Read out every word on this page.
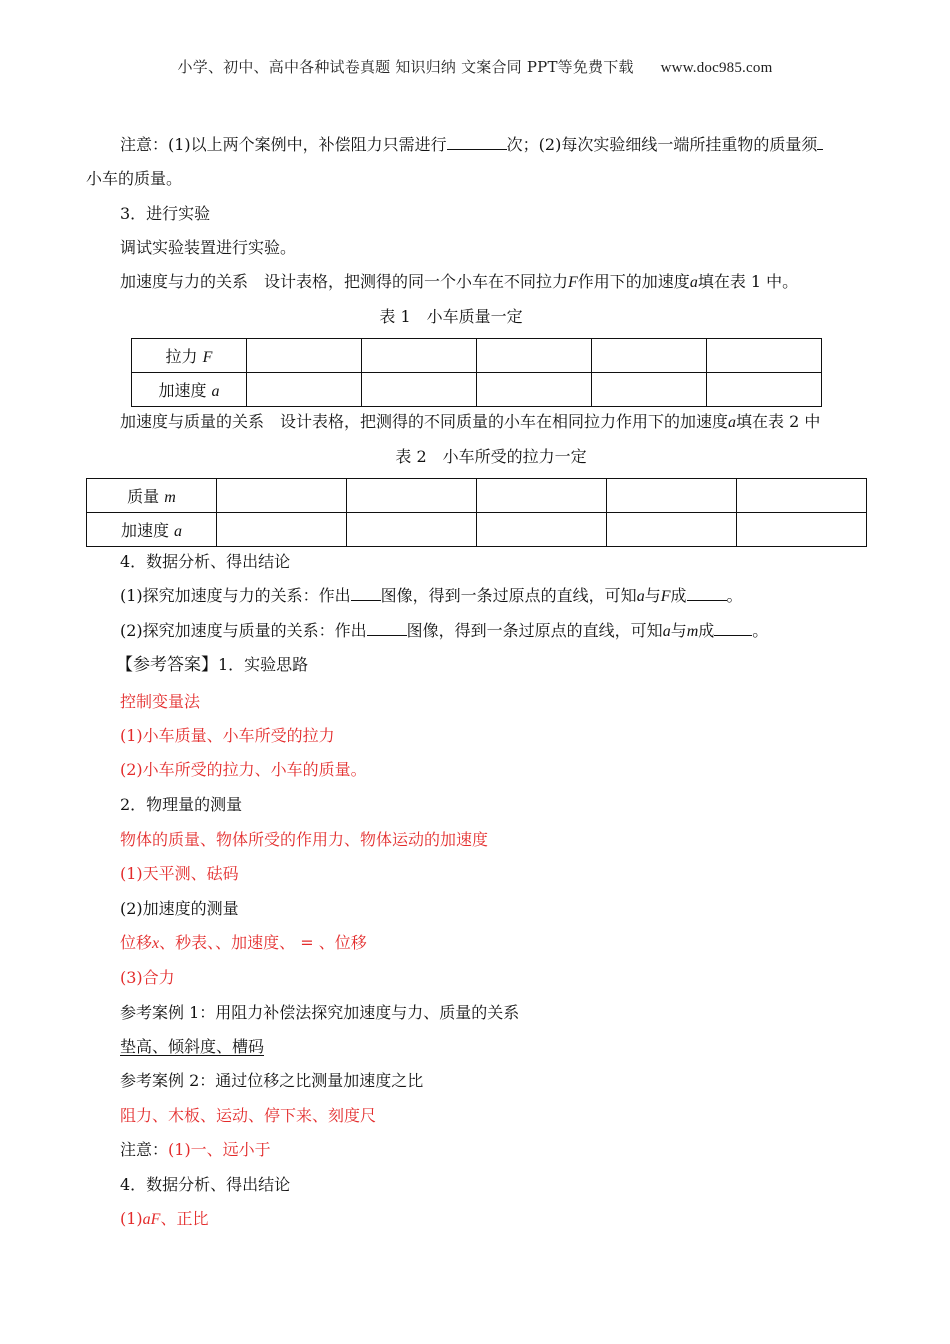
小学、初中、高中各种试卷真题 知识归纳 文案合同 PPT等免费下载 www.doc985.com
注意：(1)以上两个案例中，补偿阻力只需进行	次；(2)每次实验细线一端所挂重物的质量须
小车的质量。
3．进行实验
调试实验装置进行实验。
加速度与力的关系　设计表格，把测得的同一个小车在不同拉力F作用下的加速度a填在表 1 中。
表 1　小车质量一定
拉力 F					
加速度 a					
加速度与质量的关系　设计表格，把测得的不同质量的小车在相同拉力作用下的加速度a填在表 2 中
表 2　小车所受的拉力一定
质量 m					
加速度 a					
4．数据分析、得出结论
(1)探究加速度与力的关系：作出 图像，得到一条过原点的直线，可知a与F成	。
(2)探究加速度与质量的关系：作出	图像，得到一条过原点的直线，可知a与m成 。
【参考答案】1．实验思路
控制变量法
(1)小车质量、小车所受的拉力
(2)小车所受的拉力、小车的质量。
2．物理量的测量
物体的质量、物体所受的作用力、物体运动的加速度
(1)天平测、砝码
(2)加速度的测量
位移x、秒表、、加速度、 = 、位移
(3)合力
参考案例 1：用阻力补偿法探究加速度与力、质量的关系
垫高、倾斜度、槽码
参考案例 2：通过位移之比测量加速度之比
阻力、木板、运动、停下来、刻度尺
注意：(1)一、远小于
4．数据分析、得出结论
(1)aF、正比
